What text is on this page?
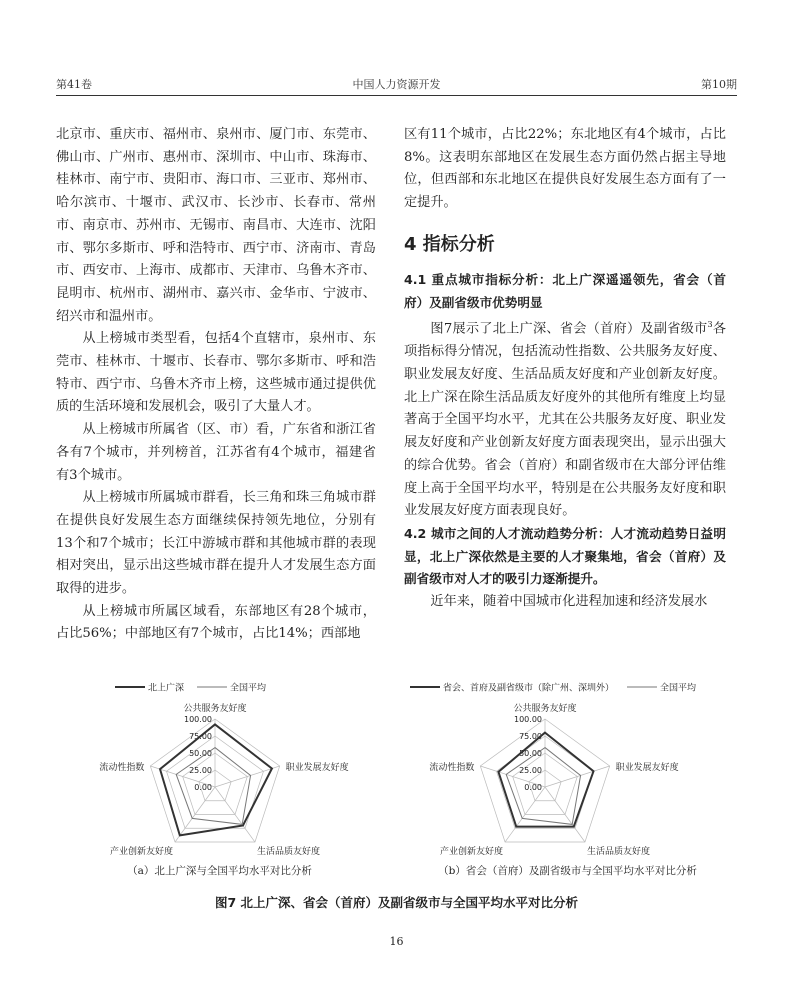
第41卷	中国人力资源开发	第10期

北京市、重庆市、福州市、泉州市、厦门市、东莞市、佛山市、广州市、惠州市、深圳市、中山市、珠海市、桂林市、南宁市、贵阳市、海口市、三亚市、郑州市、哈尔滨市、十堰市、武汉市、长沙市、长春市、常州市、南京市、苏州市、无锡市、南昌市、大连市、沈阳市、鄂尔多斯市、呼和浩特市、西宁市、济南市、青岛市、西安市、上海市、成都市、天津市、乌鲁木齐市、昆明市、杭州市、湖州市、嘉兴市、金华市、宁波市、绍兴市和温州市。

从上榜城市类型看，包括4个直辖市，泉州市、东莞市、桂林市、十堰市、长春市、鄂尔多斯市、呼和浩特市、西宁市、乌鲁木齐市上榜，这些城市通过提供优质的生活环境和发展机会，吸引了大量人才。

从上榜城市所属省（区、市）看，广东省和浙江省各有7个城市，并列榜首，江苏省有4个城市，福建省有3个城市。

从上榜城市所属城市群看，长三角和珠三角城市群在提供良好发展生态方面继续保持领先地位，分别有13个和7个城市；长江中游城市群和其他城市群的表现相对突出，显示出这些城市群在提升人才发展生态方面取得的进步。

从上榜城市所属区域看，东部地区有28个城市，占比56%；中部地区有7个城市，占比14%；西部地

区有11个城市，占比22%；东北地区有4个城市，占比8%。这表明东部地区在发展生态方面仍然占据主导地位，但西部和东北地区在提供良好发展生态方面有了一定提升。

4 指标分析

4.1 重点城市指标分析：北上广深遥遥领先，省会（首府）及副省级市优势明显

图7展示了北上广深、省会（首府）及副省级市$^3$各项指标得分情况，包括流动性指数、公共服务友好度、职业发展友好度、生活品质友好度和产业创新友好度。北上广深在除生活品质友好度外的其他所有维度上均显著高于全国平均水平，尤其在公共服务友好度、职业发展友好度和产业创新友好度方面表现突出，显示出强大的综合优势。省会（首府）和副省级市在大部分评估维度上高于全国平均水平，特别是在公共服务友好度和职业发展友好度方面表现良好。

4.2 城市之间的人才流动趋势分析：人才流动趋势日益明显，北上广深依然是主要的人才聚集地，省会（首府）及副省级市对人才的吸引力逐渐提升。

近年来，随着中国城市化进程加速和经济发展水

北上广深	全国平均
100.00
75.00
50.00
25.00
0.00
公共服务友好度
职业发展友好度
生活品质友好度
产业创新友好度
流动性指数
省会、首府及副省级市（除广州、深圳外）	全国平均
100.00
75.00
50.00
25.00
0.00
公共服务友好度
职业发展友好度
生活品质友好度
产业创新友好度
流动性指数
（a）北上广深与全国平均水平对比分析	（b）省会（首府）及副省级市与全国平均水平对比分析
图7 北上广深、省会（首府）及副省级市与全国平均水平对比分析
16
